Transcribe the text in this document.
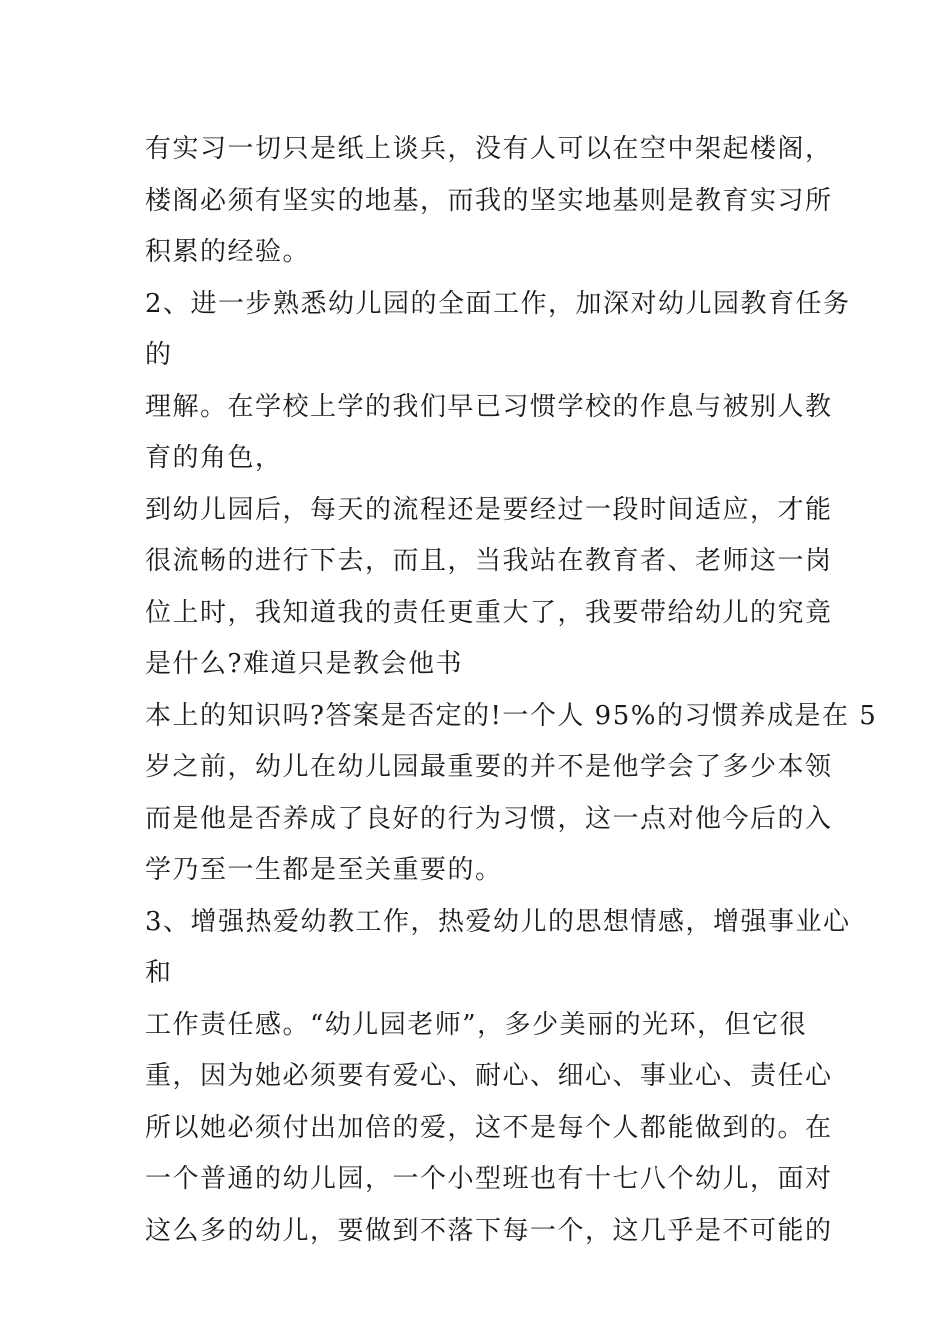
有实习一切只是纸上谈兵，没有人可以在空中架起楼阁，
楼阁必须有坚实的地基，而我的坚实地基则是教育实习所
积累的经验。
2、进一步熟悉幼儿园的全面工作，加深对幼儿园教育任务
的
理解。在学校上学的我们早已习惯学校的作息与被别人教
育的角色，
到幼儿园后，每天的流程还是要经过一段时间适应，才能
很流畅的进行下去，而且，当我站在教育者、老师这一岗
位上时，我知道我的责任更重大了，我要带给幼儿的究竟
是什么?难道只是教会他书
本上的知识吗?答案是否定的!一个人 95%的习惯养成是在 5
岁之前，幼儿在幼儿园最重要的并不是他学会了多少本领
而是他是否养成了良好的行为习惯，这一点对他今后的入
学乃至一生都是至关重要的。
3、增强热爱幼教工作，热爱幼儿的思想情感，增强事业心
和
工作责任感。“幼儿园老师”，多少美丽的光环，但它很
重，因为她必须要有爱心、耐心、细心、事业心、责任心
所以她必须付出加倍的爱，这不是每个人都能做到的。在
一个普通的幼儿园，一个小型班也有十七八个幼儿，面对
这么多的幼儿，要做到不落下每一个，这几乎是不可能的
